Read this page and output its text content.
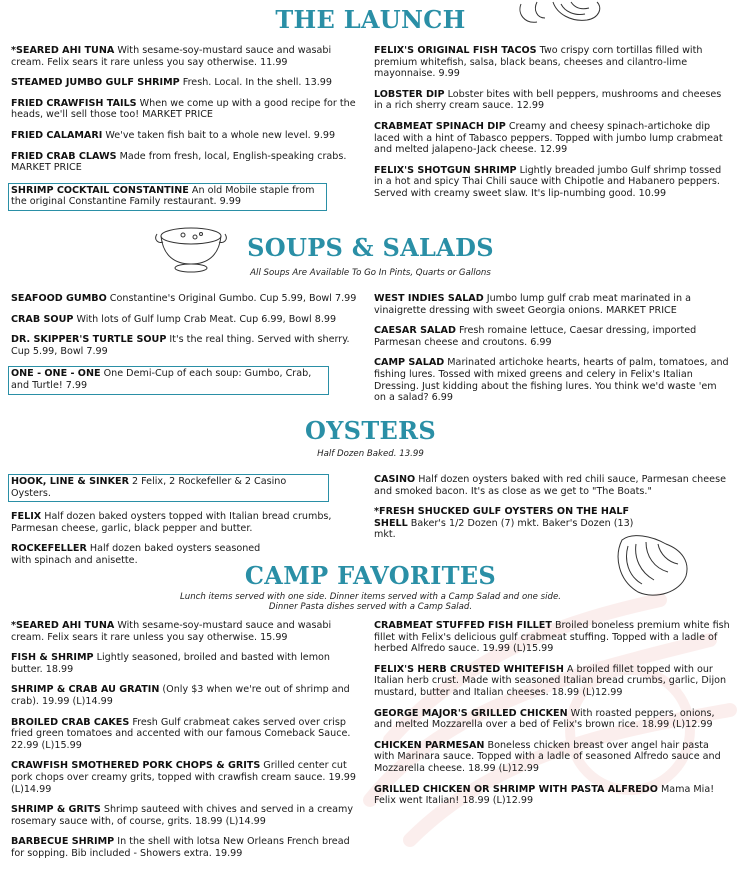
THE LAUNCH
*SEARED AHI TUNA With sesame-soy-mustard sauce and wasabi cream. Felix sears it rare unless you say otherwise. 11.99
STEAMED JUMBO GULF SHRIMP Fresh. Local. In the shell. 13.99
FRIED CRAWFISH TAILS When we come up with a good recipe for the heads, we'll sell those too! MARKET PRICE
FRIED CALAMARI We've taken fish bait to a whole new level. 9.99
FRIED CRAB CLAWS Made from fresh, local, English-speaking crabs. MARKET PRICE
SHRIMP COCKTAIL CONSTANTINE An old Mobile staple from the original Constantine Family restaurant. 9.99
FELIX'S ORIGINAL FISH TACOS Two crispy corn tortillas filled with premium whitefish, salsa, black beans, cheeses and cilantro-lime mayonnaise. 9.99
LOBSTER DIP Lobster bites with bell peppers, mushrooms and cheeses in a rich sherry cream sauce. 12.99
CRABMEAT SPINACH DIP Creamy and cheesy spinach-artichoke dip laced with a hint of Tabasco peppers. Topped with jumbo lump crabmeat and melted jalapeno-Jack cheese. 12.99
FELIX'S SHOTGUN SHRIMP Lightly breaded jumbo Gulf shrimp tossed in a hot and spicy Thai Chili sauce with Chipotle and Habanero peppers. Served with creamy sweet slaw. It's lip-numbing good. 10.99
SOUPS & SALADS
All Soups Are Available To Go In Pints, Quarts or Gallons
SEAFOOD GUMBO Constantine's Original Gumbo. Cup 5.99, Bowl 7.99
CRAB SOUP With lots of Gulf lump Crab Meat. Cup 6.99, Bowl 8.99
DR. SKIPPER'S TURTLE SOUP It's the real thing. Served with sherry. Cup 5.99, Bowl 7.99
ONE - ONE - ONE One Demi-Cup of each soup: Gumbo, Crab, and Turtle! 7.99
WEST INDIES SALAD Jumbo lump gulf crab meat marinated in a vinaigrette dressing with sweet Georgia onions. MARKET PRICE
CAESAR SALAD Fresh romaine lettuce, Caesar dressing, imported Parmesan cheese and croutons. 6.99
CAMP SALAD Marinated artichoke hearts, hearts of palm, tomatoes, and fishing lures. Tossed with mixed greens and celery in Felix's Italian Dressing. Just kidding about the fishing lures. You think we'd waste 'em on a salad? 6.99
OYSTERS
Half Dozen Baked. 13.99
HOOK, LINE & SINKER 2 Felix, 2 Rockefeller & 2 Casino Oysters.
FELIX Half dozen baked oysters topped with Italian bread crumbs, Parmesan cheese, garlic, black pepper and butter.
ROCKEFELLER Half dozen baked oysters seasoned with spinach and anisette.
CASINO Half dozen oysters baked with red chili sauce, Parmesan cheese and smoked bacon. It's as close as we get to "The Boats."
*FRESH SHUCKED GULF OYSTERS ON THE HALF SHELL Baker's 1/2 Dozen (7) mkt. Baker's Dozen (13) mkt.
CAMP FAVORITES
Lunch items served with one side. Dinner items served with a Camp Salad and one side.
Dinner Pasta dishes served with a Camp Salad.
*SEARED AHI TUNA With sesame-soy-mustard sauce and wasabi cream. Felix sears it rare unless you say otherwise. 15.99
FISH & SHRIMP Lightly seasoned, broiled and basted with lemon butter. 18.99
SHRIMP & CRAB AU GRATIN (Only $3 when we're out of shrimp and crab). 19.99 (L)14.99
BROILED CRAB CAKES Fresh Gulf crabmeat cakes served over crisp fried green tomatoes and accented with our famous Comeback Sauce. 22.99 (L)15.99
CRAWFISH SMOTHERED PORK CHOPS & GRITS Grilled center cut pork chops over creamy grits, topped with crawfish cream sauce. 19.99 (L)14.99
SHRIMP & GRITS Shrimp sauteed with chives and served in a creamy rosemary sauce with, of course, grits. 18.99 (L)14.99
BARBECUE SHRIMP In the shell with lotsa New Orleans French bread for sopping. Bib included - Showers extra. 19.99
CRABMEAT STUFFED FISH FILLET Broiled boneless premium white fish fillet with Felix's delicious gulf crabmeat stuffing. Topped with a ladle of herbed Alfredo sauce. 19.99 (L)15.99
FELIX'S HERB CRUSTED WHITEFISH A broiled fillet topped with our Italian herb crust. Made with seasoned Italian bread crumbs, garlic, Dijon mustard, butter and Italian cheeses. 18.99 (L)12.99
GEORGE MAJOR'S GRILLED CHICKEN With roasted peppers, onions, and melted Mozzarella over a bed of Felix's brown rice. 18.99 (L)12.99
CHICKEN PARMESAN Boneless chicken breast over angel hair pasta with Marinara sauce. Topped with a ladle of seasoned Alfredo sauce and Mozzarella cheese. 18.99 (L)12.99
GRILLED CHICKEN OR SHRIMP WITH PASTA ALFREDO Mama Mia! Felix went Italian! 18.99 (L)12.99
